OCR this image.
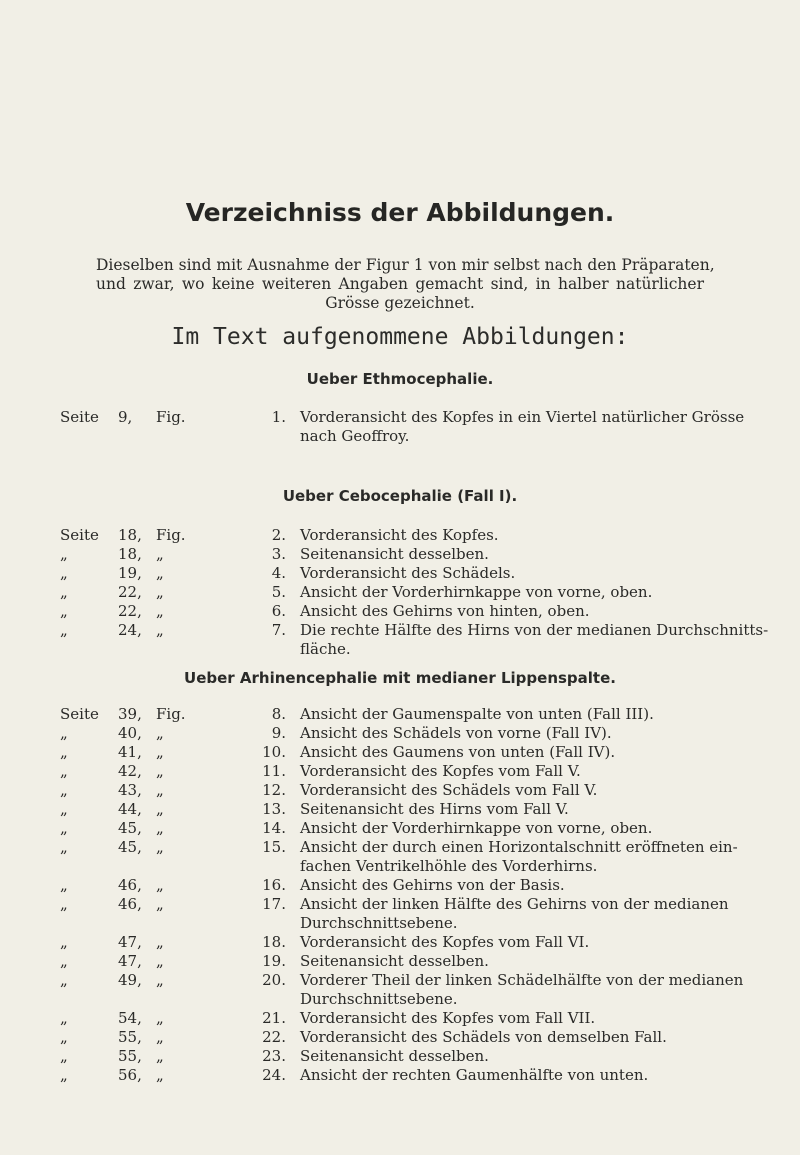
Verzeichniss der Abbildungen.
Dieselben sind mit Ausnahme der Figur 1 von mir selbst nach den Präparaten,
und zwar, wo keine weiteren Angaben gemacht sind, in halber natürlicher
Grösse gezeichnet.
Im Text aufgenommene Abbildungen:
Ueber Ethmocephalie.
Seite 9,	Fig.	1. Vorderansicht des Kopfes in ein Viertel natürlicher Grösse
nach Geoffroy.
Ueber Cebocephalie (Fall I).
Seite 18, Fig.	2. Vorderansicht des Kopfes.
„	18, „	3. Seitenansicht desselben.
„	19, „	4. Vorderansicht des Schädels.
„	22, „	5. Ansicht der Vorderhirnkappe von vorne, oben.
„	22, „	6. Ansicht des Gehirns von hinten, oben.
„	24, „	7. Die rechte Hälfte des Hirns von der medianen Durchschnitts-
fläche.
Ueber Arhinencephalie mit medianer Lippenspalte.
Seite 39, Fig.	8. Ansicht der Gaumenspalte von unten (Fall III).
„	40, „	9. Ansicht des Schädels von vorne (Fall IV).
„	41, „	10. Ansicht des Gaumens von unten (Fall IV).
„	42, „	11. Vorderansicht des Kopfes vom Fall V.
„	43, „	12. Vorderansicht des Schädels vom Fall V.
„	44, „	13. Seitenansicht des Hirns vom Fall V.
„	45, „	14. Ansicht der Vorderhirnkappe von vorne, oben.
„	45, „	15. Ansicht der durch einen Horizontalschnitt eröffneten ein-
fachen Ventrikelhöhle des Vorderhirns.
„	46, „	16. Ansicht des Gehirns von der Basis.
„	46, „	17. Ansicht der linken Hälfte des Gehirns von der medianen
Durchschnittsebene.
„	47, „	18. Vorderansicht des Kopfes vom Fall VI.
„	47, „	19. Seitenansicht desselben.
„	49, „	20. Vorderer Theil der linken Schädelhälfte von der medianen
Durchschnittsebene.
„	54, „	21. Vorderansicht des Kopfes vom Fall VII.
„	55, „	22. Vorderansicht des Schädels von demselben Fall.
„	55, „	23. Seitenansicht desselben.
„	56, „	24. Ansicht der rechten Gaumenhälfte von unten.
